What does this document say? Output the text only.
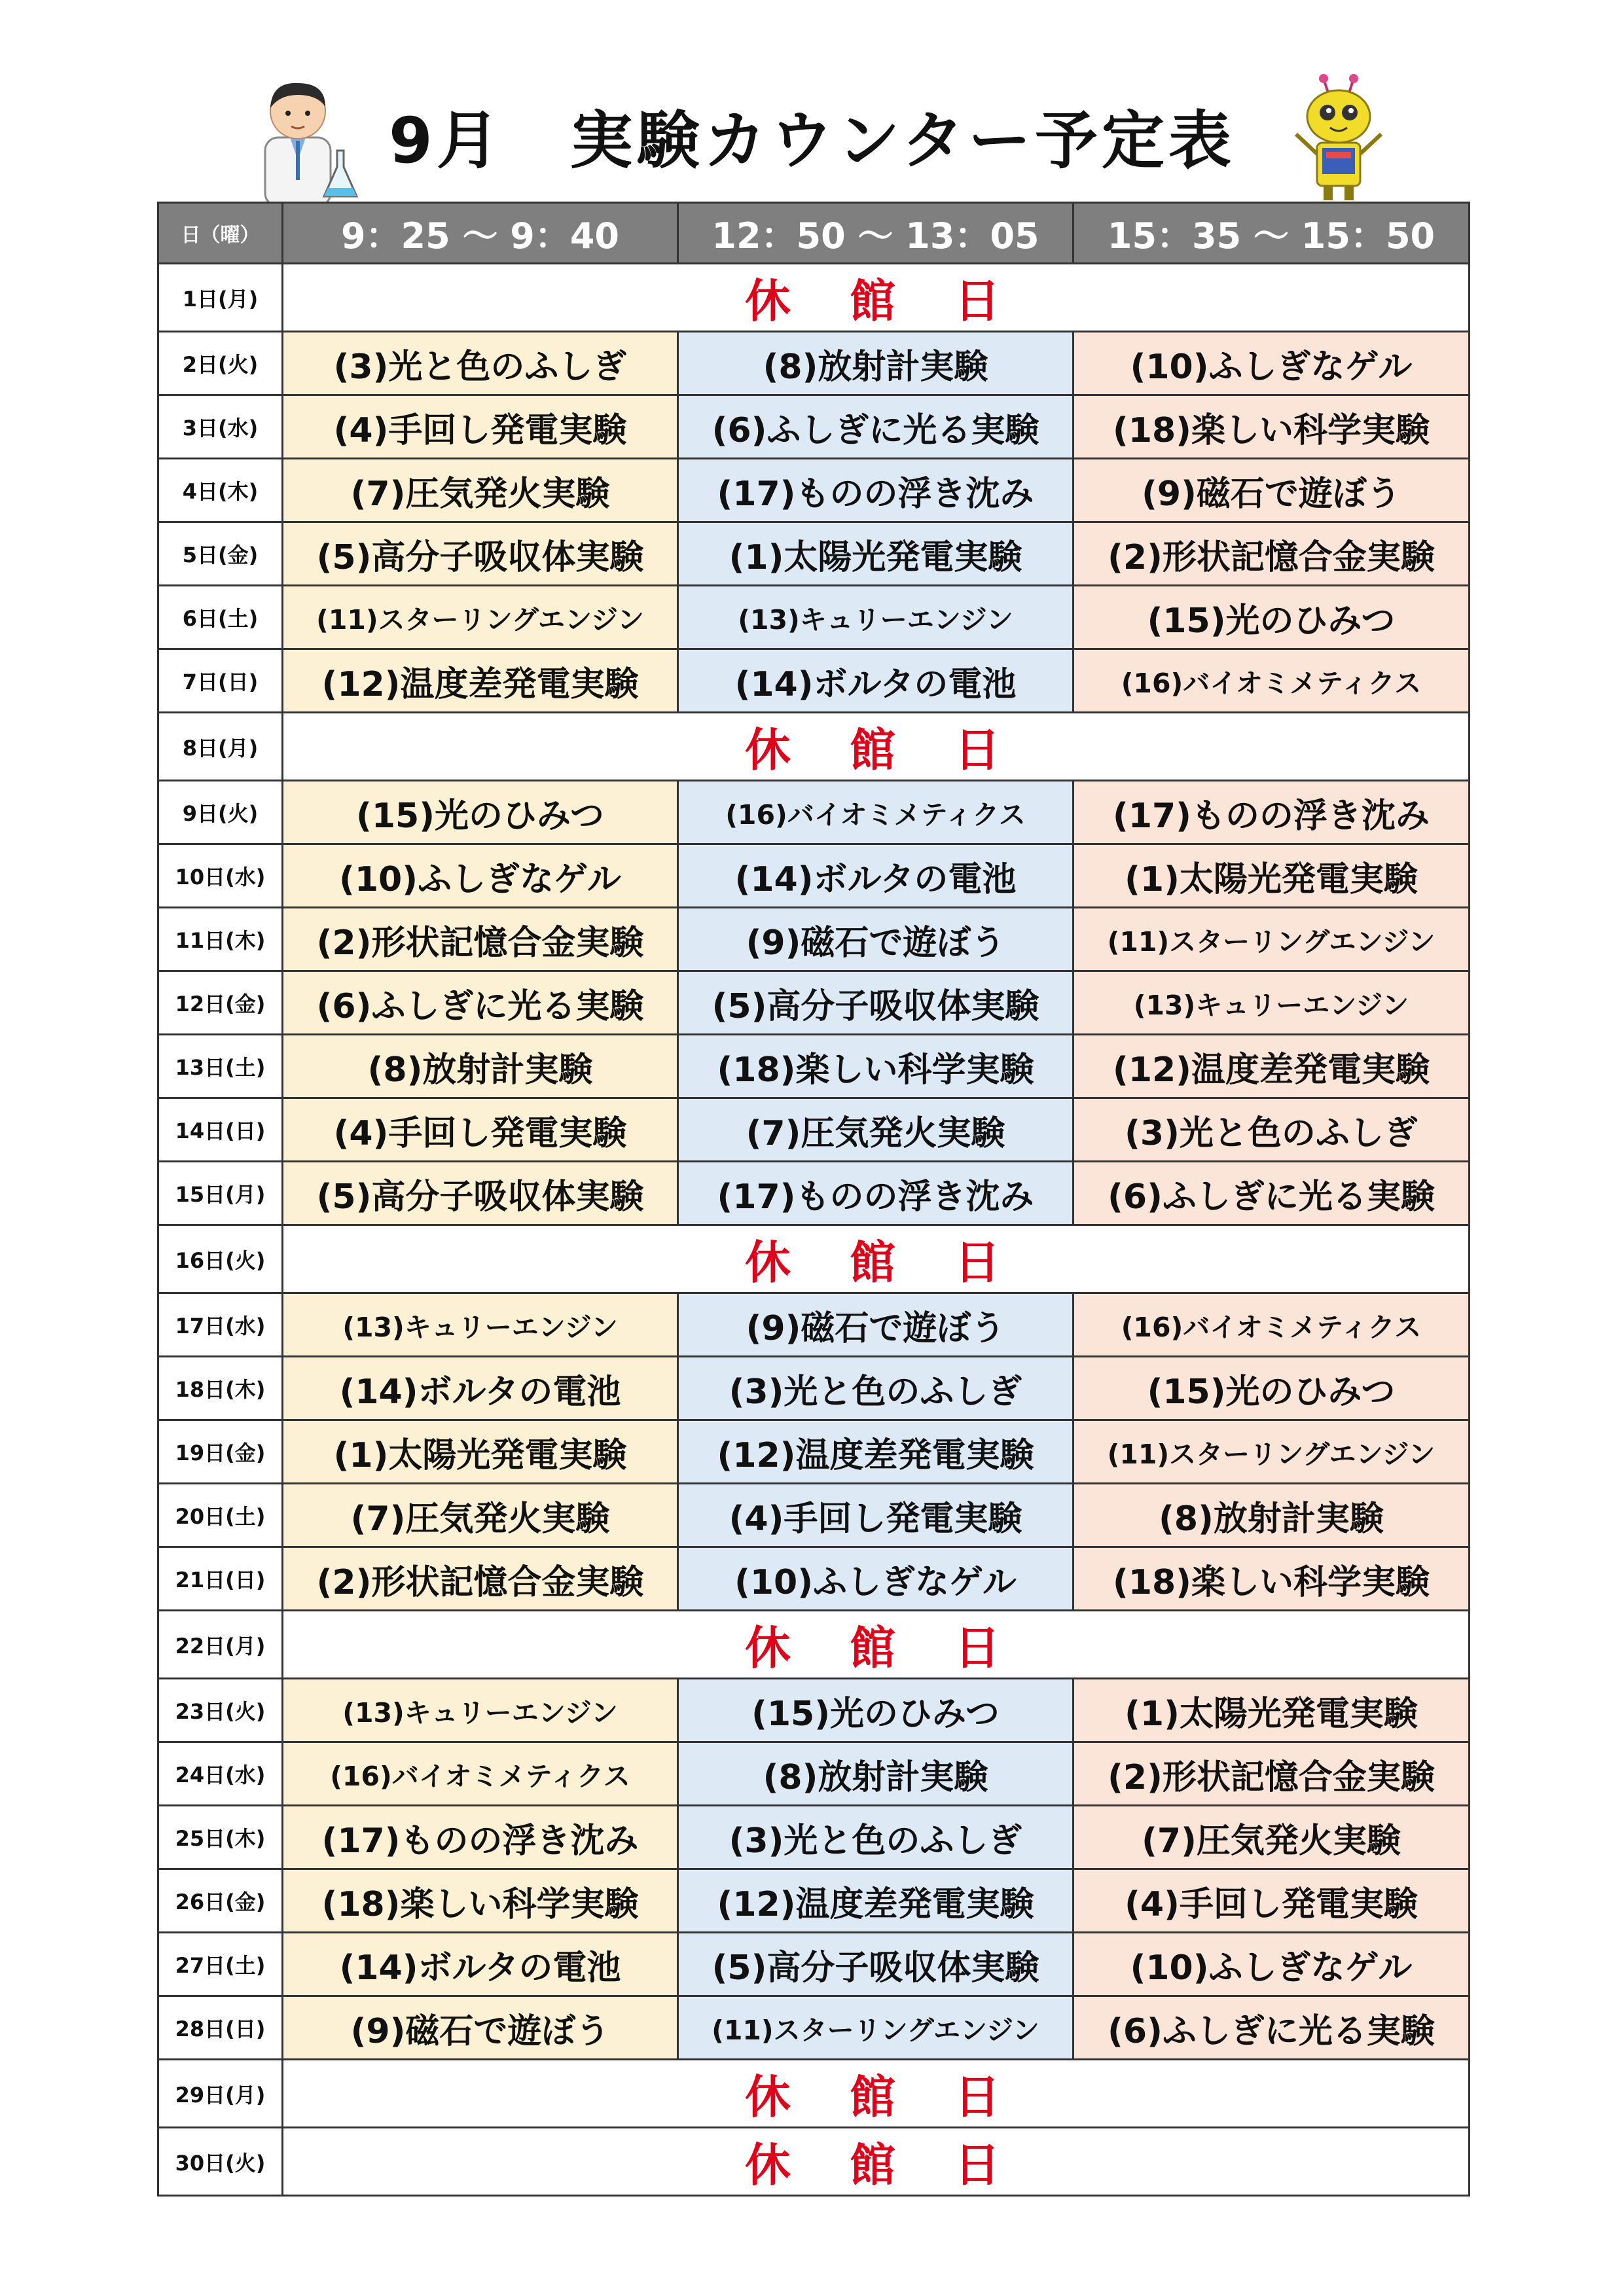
9月　実験カウンター予定表
日（曜）	9：25 ～ 9：40	12：50 ～ 13：05	15：35 ～ 15：50
1日(月)	休　館　日		
2日(火)	(3)光と色のふしぎ	(8)放射計実験	(10)ふしぎなゲル
3日(水)	(4)手回し発電実験	(6)ふしぎに光る実験	(18)楽しい科学実験
4日(木)	(7)圧気発火実験	(17)ものの浮き沈み	(9)磁石で遊ぼう
5日(金)	(5)高分子吸収体実験	(1)太陽光発電実験	(2)形状記憶合金実験
6日(土)	(11)スターリングエンジン	(13)キュリーエンジン	(15)光のひみつ
7日(日)	(12)温度差発電実験	(14)ボルタの電池	(16)バイオミメティクス
8日(月)	休　館　日		
9日(火)	(15)光のひみつ	(16)バイオミメティクス	(17)ものの浮き沈み
10日(水)	(10)ふしぎなゲル	(14)ボルタの電池	(1)太陽光発電実験
11日(木)	(2)形状記憶合金実験	(9)磁石で遊ぼう	(11)スターリングエンジン
12日(金)	(6)ふしぎに光る実験	(5)高分子吸収体実験	(13)キュリーエンジン
13日(土)	(8)放射計実験	(18)楽しい科学実験	(12)温度差発電実験
14日(日)	(4)手回し発電実験	(7)圧気発火実験	(3)光と色のふしぎ
15日(月)	(5)高分子吸収体実験	(17)ものの浮き沈み	(6)ふしぎに光る実験
16日(火)	休　館　日		
17日(水)	(13)キュリーエンジン	(9)磁石で遊ぼう	(16)バイオミメティクス
18日(木)	(14)ボルタの電池	(3)光と色のふしぎ	(15)光のひみつ
19日(金)	(1)太陽光発電実験	(12)温度差発電実験	(11)スターリングエンジン
20日(土)	(7)圧気発火実験	(4)手回し発電実験	(8)放射計実験
21日(日)	(2)形状記憶合金実験	(10)ふしぎなゲル	(18)楽しい科学実験
22日(月)	休　館　日		
23日(火)	(13)キュリーエンジン	(15)光のひみつ	(1)太陽光発電実験
24日(水)	(16)バイオミメティクス	(8)放射計実験	(2)形状記憶合金実験
25日(木)	(17)ものの浮き沈み	(3)光と色のふしぎ	(7)圧気発火実験
26日(金)	(18)楽しい科学実験	(12)温度差発電実験	(4)手回し発電実験
27日(土)	(14)ボルタの電池	(5)高分子吸収体実験	(10)ふしぎなゲル
28日(日)	(9)磁石で遊ぼう	(11)スターリングエンジン	(6)ふしぎに光る実験
29日(月)	休　館　日		
30日(火)	休　館　日		
